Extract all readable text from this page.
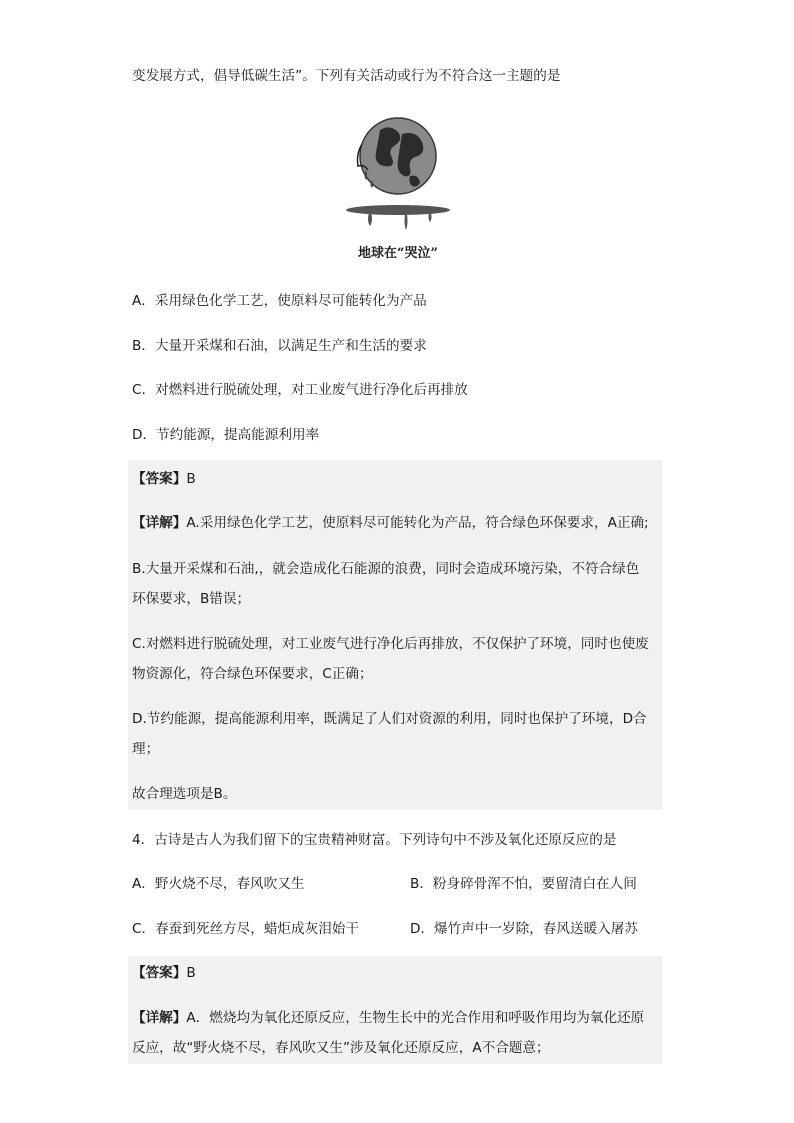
变发展方式，倡导低碳生活”。下列有关活动或行为不符合这一主题的是
地球在“哭泣”
A．采用绿色化学工艺，使原料尽可能转化为产品
B．大量开采煤和石油，以满足生产和生活的要求
C．对燃料进行脱硫处理，对工业废气进行净化后再排放
D．节约能源，提高能源利用率
【答案】B
【详解】A.采用绿色化学工艺，使原料尽可能转化为产品，符合绿色环保要求，A正确;
B.大量开采煤和石油,，就会造成化石能源的浪费，同时会造成环境污染，不符合绿色
环保要求，B错误；
C.对燃料进行脱硫处理，对工业废气进行净化后再排放，不仅保护了环境，同时也使废
物资源化，符合绿色环保要求，C正确；
D.节约能源，提高能源利用率，既满足了人们对资源的利用，同时也保护了环境，D合
理；
故合理选项是B。
4．古诗是古人为我们留下的宝贵精神财富。下列诗句中不涉及氧化还原反应的是
A．野火烧不尽，春风吹又生	B．粉身碎骨浑不怕，要留清白在人间
C．春蚕到死丝方尽，蜡炬成灰泪始干	D．爆竹声中一岁除，春风送暖入屠苏
【答案】B
【详解】A．燃烧均为氧化还原反应，生物生长中的光合作用和呼吸作用均为氧化还原
反应，故“野火烧不尽，春风吹又生”涉及氧化还原反应，A不合题意；
